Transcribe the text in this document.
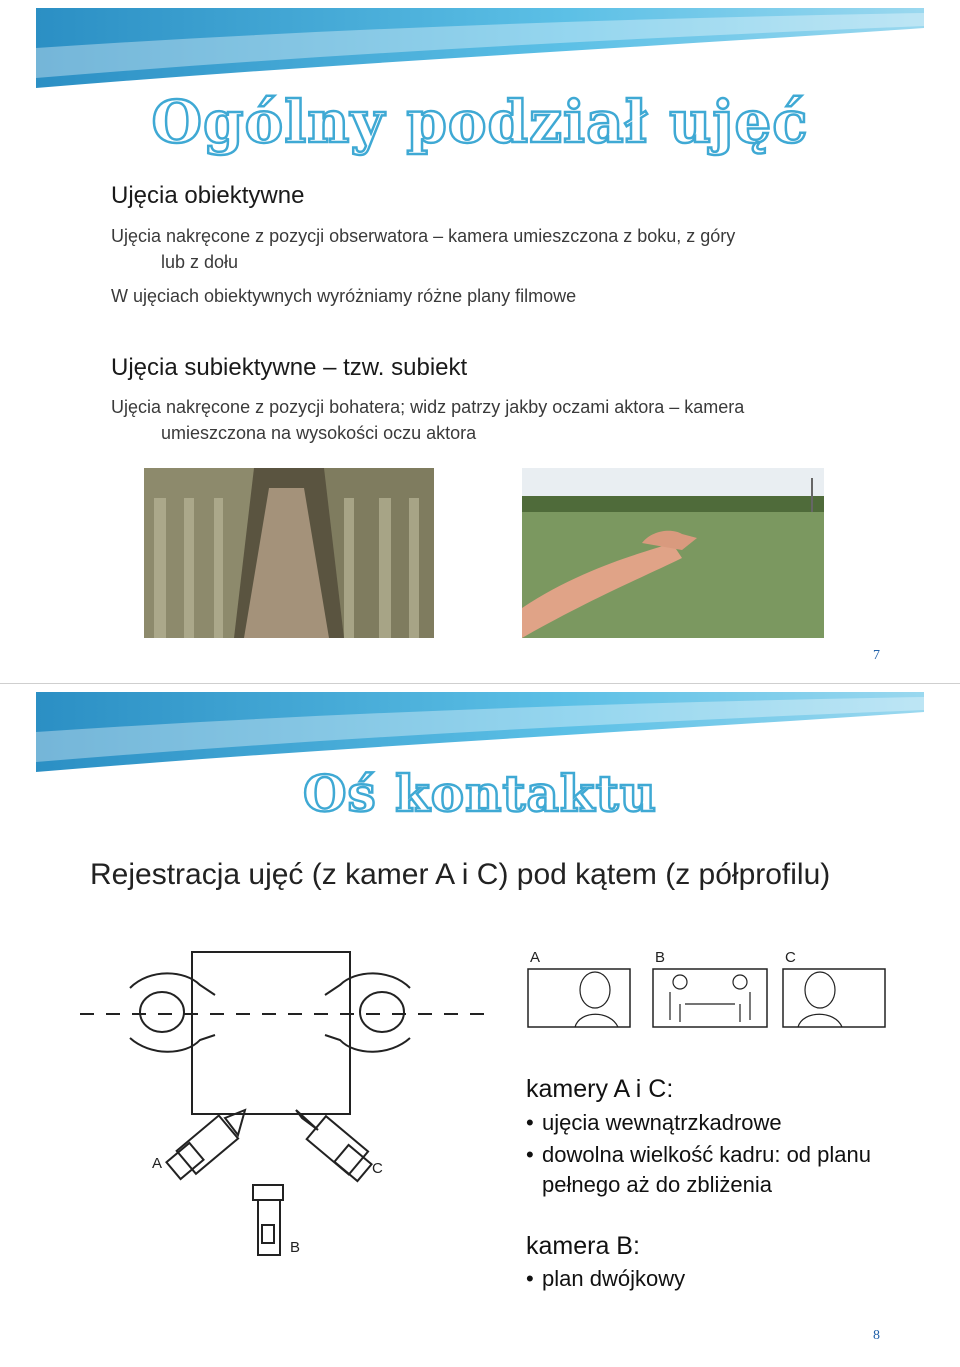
Ogólny podział ujęć
Ujęcia obiektywne
Ujęcia nakręcone z pozycji obserwatora – kamera umieszczona z boku, z góry
lub z dołu
W ujęciach obiektywnych wyróżniamy różne plany filmowe
Ujęcia subiektywne – tzw. subiekt
Ujęcia nakręcone z pozycji bohatera; widz patrzy jakby oczami aktora – kamera
umieszczona na wysokości oczu aktora
7
Oś kontaktu
Rejestracja ujęć (z kamer A i C) pod kątem (z półprofilu)
A	C
B
A	B	C
kamery A i C:
• ujęcia wewnątrzkadrowe
• dowolna wielkość kadru: od planu
pełnego aż do zbliżenia
kamera B:
• plan dwójkowy
8
